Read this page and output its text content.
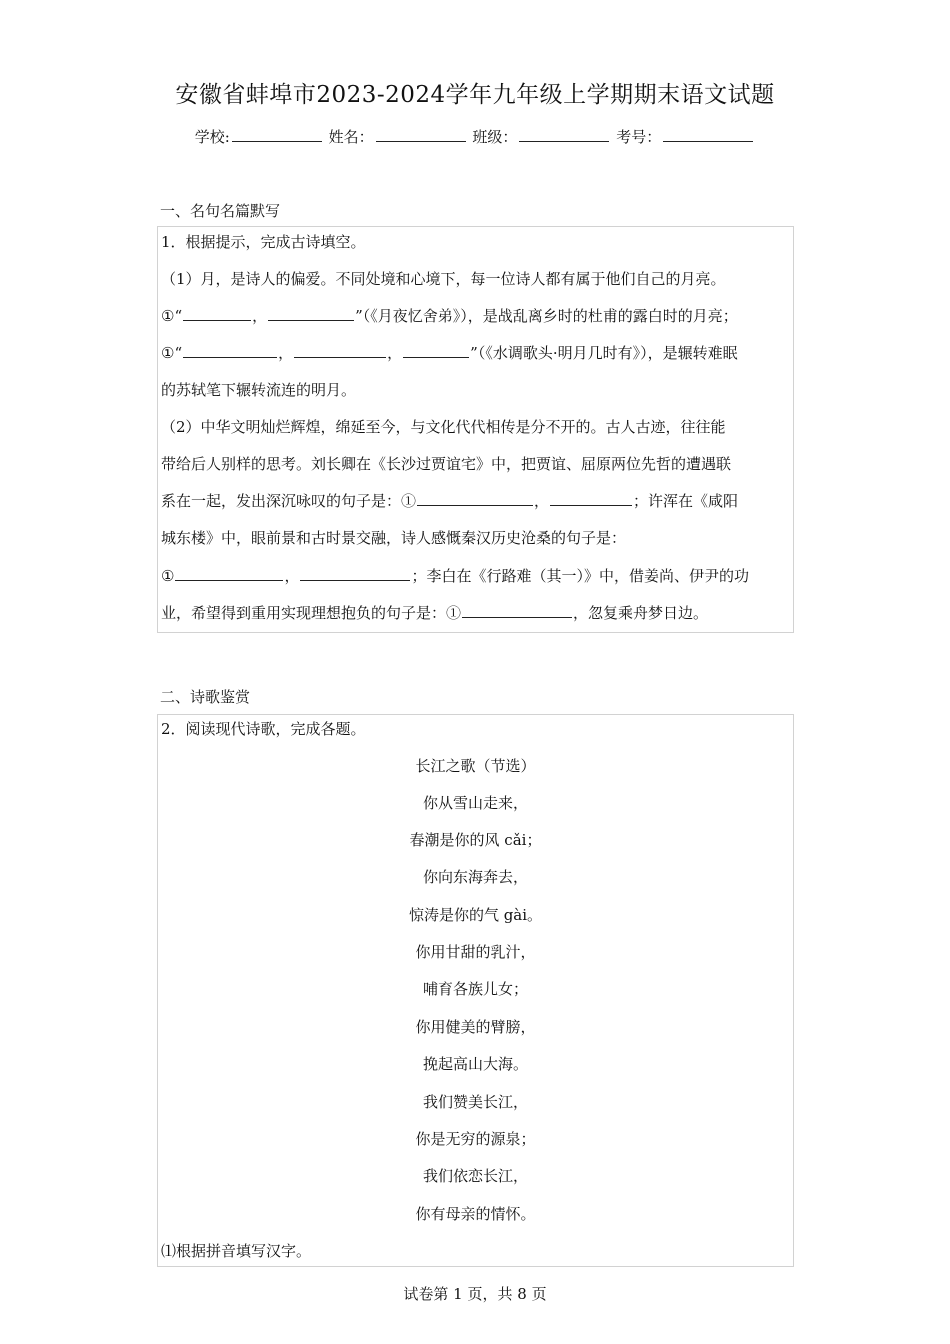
安徽省蚌埠市2023-2024学年九年级上学期期末语文试题
学校:	姓名：	班级：	考号：
一、名句名篇默写
1．根据提示，完成古诗填空。
（1）月，是诗人的偏爱。不同处境和心境下，每一位诗人都有属于他们自己的月亮。
①“	，	”（《月夜忆舍弟》），是战乱离乡时的杜甫的露白时的月亮；
①“	，	，	”（《水调歌头·明月几时有》），是辗转难眠
的苏轼笔下辗转流连的明月。
（2）中华文明灿烂辉煌，绵延至今，与文化代代相传是分不开的。古人古迹，往往能
带给后人别样的思考。刘长卿在《长沙过贾谊宅》中，把贾谊、屈原两位先哲的遭遇联
系在一起，发出深沉咏叹的句子是：①	，	；许浑在《咸阳
城东楼》中，眼前景和古时景交融，诗人感慨秦汉历史沧桑的句子是：
①	，	；李白在《行路难（其一）》中，借姜尚、伊尹的功
业，希望得到重用实现理想抱负的句子是：①	，忽复乘舟梦日边。
二、诗歌鉴赏
2．阅读现代诗歌，完成各题。
长江之歌（节选）
你从雪山走来，
春潮是你的风 cǎi；
你向东海奔去，
惊涛是你的气 gài。
你用甘甜的乳汁，
哺育各族儿女；
你用健美的臂膀，
挽起高山大海。
我们赞美长江，
你是无穷的源泉；
我们依恋长江，
你有母亲的情怀。
⑴根据拼音填写汉字。
试卷第 1 页，共 8 页
